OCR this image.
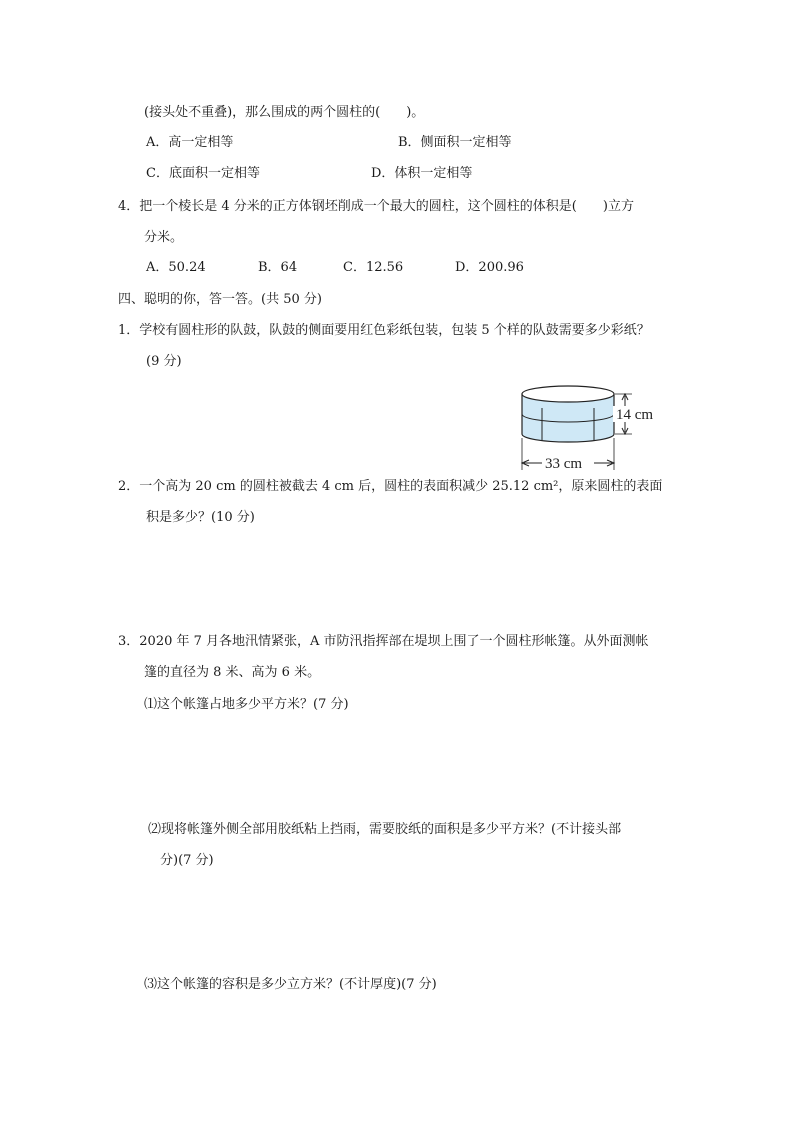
(接头处不重叠)，那么围成的两个圆柱的(　　)。
A．高一定相等	B．侧面积一定相等
C．底面积一定相等	D．体积一定相等
4．把一个棱长是 4 分米的正方体钢坯削成一个最大的圆柱，这个圆柱的体积是(　　)立方
分米。
A．50.24	B．64	C．12.56	D．200.96
四、聪明的你，答一答。(共 50 分)
1．学校有圆柱形的队鼓，队鼓的侧面要用红色彩纸包装，包装 5 个样的队鼓需要多少彩纸？
(9 分)
14 cm
33 cm
2．一个高为 20 cm 的圆柱被截去 4 cm 后，圆柱的表面积减少 25.12 cm²，原来圆柱的表面
积是多少？(10 分)
3．2020 年 7 月各地汛情紧张，A 市防汛指挥部在堤坝上围了一个圆柱形帐篷。从外面测帐
篷的直径为 8 米、高为 6 米。
⑴这个帐篷占地多少平方米？(7 分)
⑵现将帐篷外侧全部用胶纸粘上挡雨，需要胶纸的面积是多少平方米？(不计接头部
分)(7 分)
⑶这个帐篷的容积是多少立方米？(不计厚度)(7 分)
